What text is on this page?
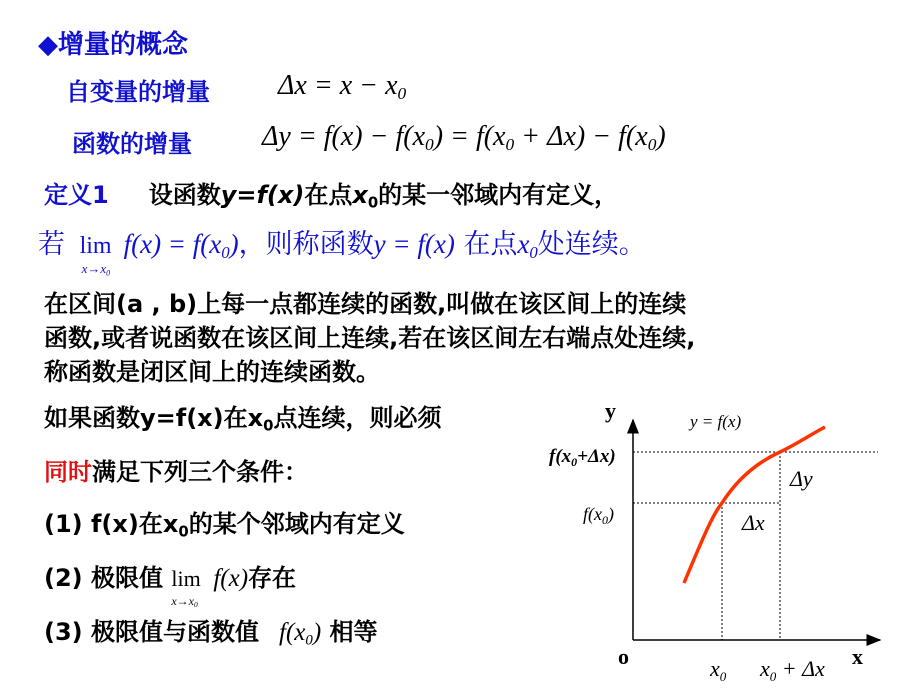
◆增量的概念
自变量的增量 $\Delta x = x - x_0$
函数的增量	$\Delta y = f(x) - f(x_0) = f(x_0 + \Delta x) - f(x_0)$
定义1 设函数y=f(x)在点$x_0$的某一邻域内有定义，
若 lim
$x\to x_0$
$f(x) = f(x_0)$，则称函数y = f(x) 在点$x_0$处连续。
在区间(a , b)上每一点都连续的函数,叫做在该区间上的连续
函数,或者说函数在该区间上连续,若在该区间左右端点处连续,
称函数是闭区间上的连续函数。
如果函数y=f(x)在$x_0$点连续，则必须
同时满足下列三个条件：
(1) f(x)在$x_0$的某个邻域内有定义
(2) 极限值 lim
$x\to x_0$
f(x)存在
(3) 极限值与函数值 $f(x_0)$ 相等
y
x
o
y = f(x)
$f(x_0+\Delta x)$
$f(x_0)$
Δy
Δx
$x_0$ $x_0 + \Delta x$
